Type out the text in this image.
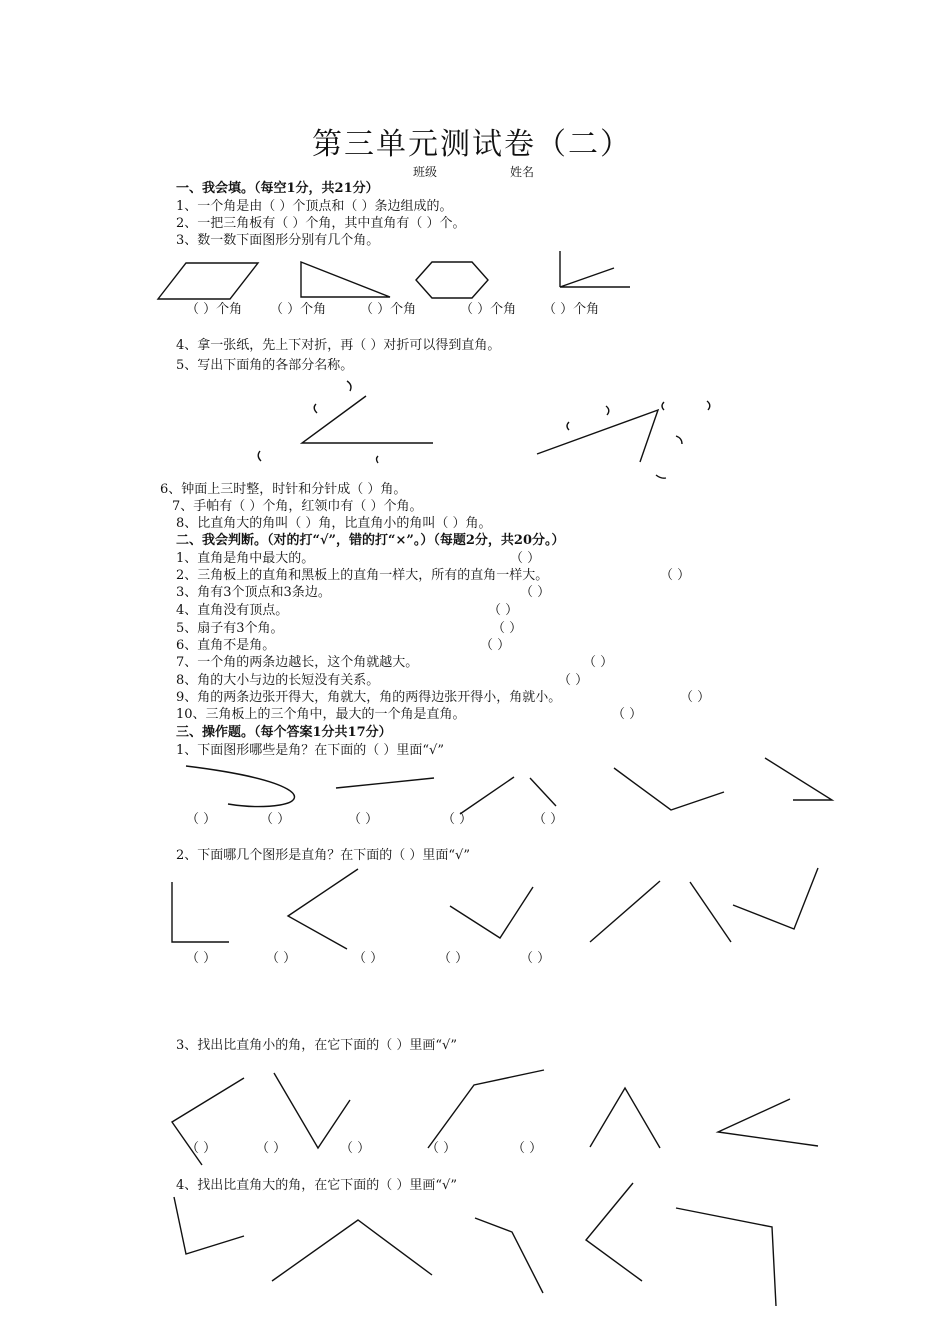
第三单元测试卷（二）
班级	姓名
一、我会填。（每空1分，共21分）
1、一个角是由（ ）个顶点和（ ）条边组成的。
2、一把三角板有（ ）个角，其中直角有（ ）个。
3、数一数下面图形分别有几个角。
（ ）个角 （ ）个角	（ ）个角	（ ）个角 （ ）个角
4、拿一张纸，先上下对折，再（ ）对折可以得到直角。
5、写出下面角的各部分名称。
6、钟面上三时整，时针和分针成（ ）角。
7、手帕有（ ）个角，红领巾有（ ）个角。
8、比直角大的角叫（ ）角，比直角小的角叫（ ）角。
二、我会判断。（对的打“√”，错的打“×”。）（每题2分，共20分。）
1、直角是角中最大的。	（ ）
2、三角板上的直角和黑板上的直角一样大，所有的直角一样大。	（ ）
3、角有3个顶点和3条边。	（ ）
4、直角没有顶点。	（ ）
5、扇子有3个角。	（ ）
6、直角不是角。	（ ）
7、一个角的两条边越长，这个角就越大。	（ ）
8、角的大小与边的长短没有关系。	（ ）
9、角的两条边张开得大，角就大，角的两得边张开得小，角就小。	（ ）
10、三角板上的三个角中，最大的一个角是直角。	（ ）
三、操作题。（每个答案1分共17分）
1、下面图形哪些是角？在下面的（ ）里面“√”
（ ）	（ ）	（ ）	（ ）	（ ）
2、下面哪几个图形是直角？在下面的（ ）里面“√”
（ ）	（ ）	（ ）	（ ）	（ ）
3、找出比直角小的角，在它下面的（ ）里画“√”
（ ）	（ ）	（ ）	（ ）	（ ）
4、找出比直角大的角，在它下面的（ ）里画“√”
